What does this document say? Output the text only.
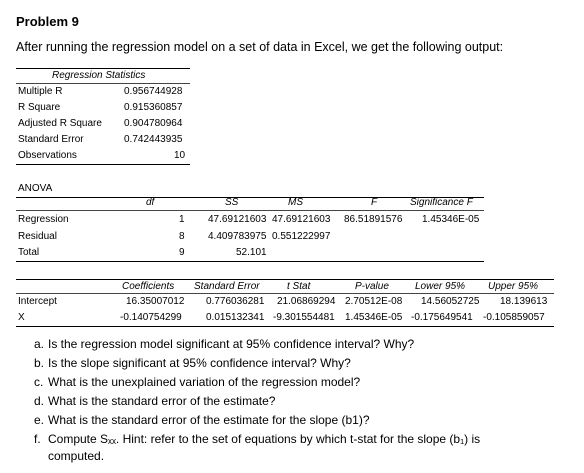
Problem 9
After running the regression model on a set of data in Excel, we get the following output:
Regression Statistics
Multiple R	0.956744928
R Square	0.915360857
Adjusted R Square 0.904780964
Standard Error	0.742443935
Observations	10
ANOVA
df	SS	MS	F	Significance F
Regression	1 47.69121603 47.69121603 86.51891576 1.45346E-05
Residual	8 4.409783975 0.551222997
Total	9	52.101
Coefficients Standard Error	t Stat	P-value	Lower 95% Upper 95%
Intercept	16.35007012 0.776036281 21.06869294 2.70512E-08 14.56052725 18.139613
X	-0.140754299 0.015132341 -9.301554481 1.45346E-05 -0.175649541 -0.105859057
a. Is the regression model significant at 95% confidence interval? Why?
b. Is the slope significant at 95% confidence interval? Why?
c. What is the unexplained variation of the regression model?
d. What is the standard error of the estimate?
e. What is the standard error of the estimate for the slope (b1)?
f. Compute Sₓₓ. Hint: refer to the set of equations by which t-stat for the slope (b₁) is
computed.
